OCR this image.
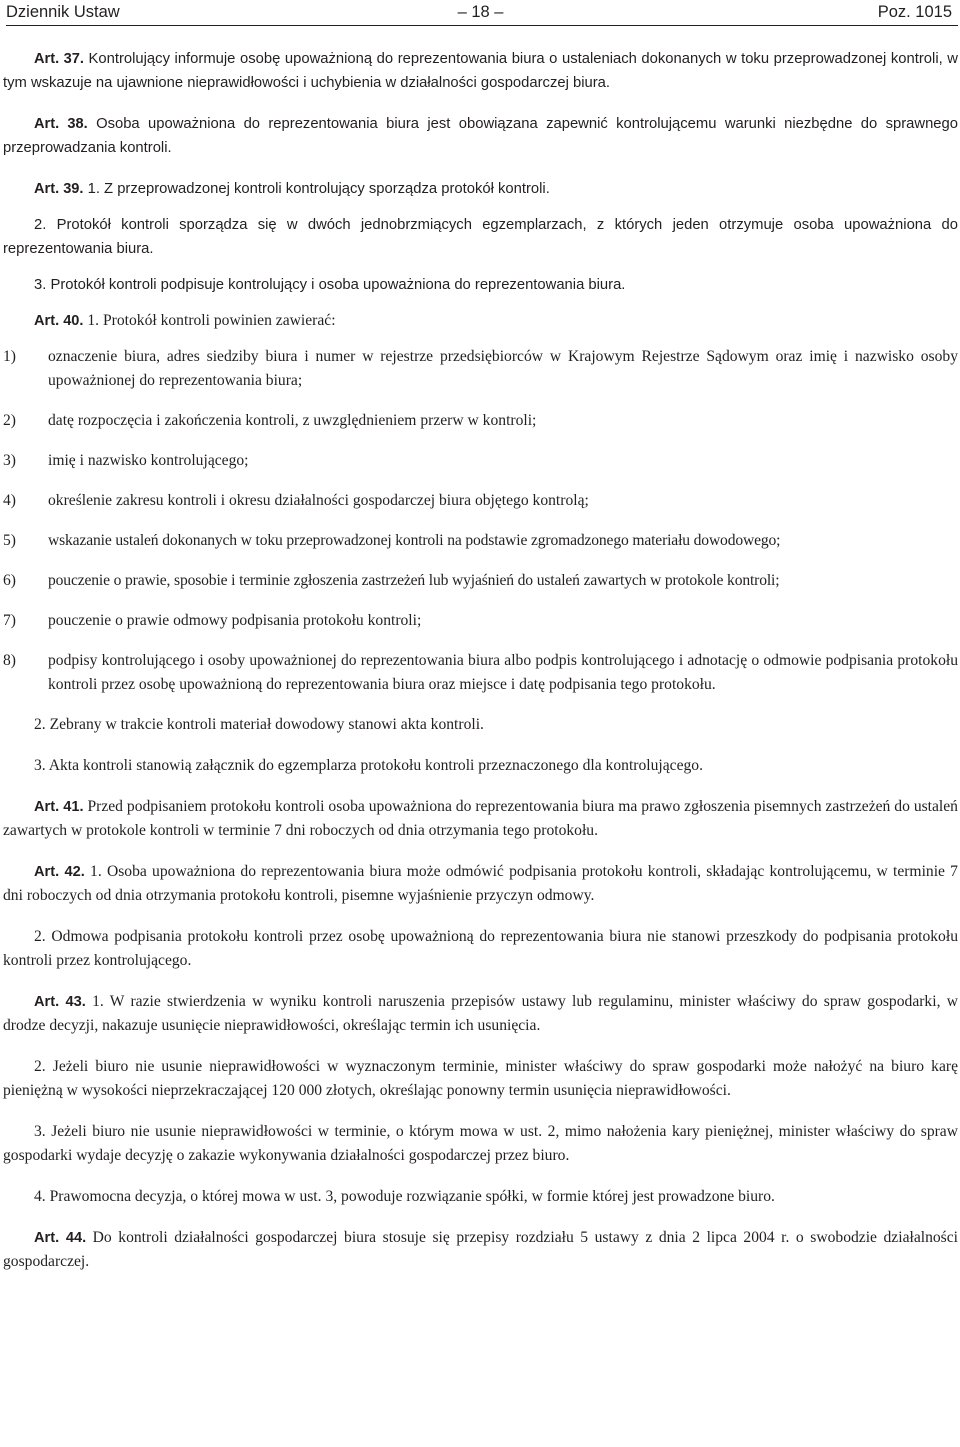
Dziennik Ustaw	– 18 –	Poz. 1015

Art. 37. Kontrolujący informuje osobę upoważnioną do reprezentowania biura o ustaleniach dokonanych w toku przeprowadzonej kontroli, w tym wskazuje na ujawnione nieprawidłowości i uchybienia w działalności gospodarczej biura.

Art. 38. Osoba upoważniona do reprezentowania biura jest obowiązana zapewnić kontrolującemu warunki niezbędne do sprawnego przeprowadzania kontroli.

Art. 39. 1. Z przeprowadzonej kontroli kontrolujący sporządza protokół kontroli.

2. Protokół kontroli sporządza się w dwóch jednobrzmiących egzemplarzach, z których jeden otrzymuje osoba upoważniona do reprezentowania biura.

3. Protokół kontroli podpisuje kontrolujący i osoba upoważniona do reprezentowania biura.

Art. 40. 1. Protokół kontroli powinien zawierać:

1)	oznaczenie biura, adres siedziby biura i numer w rejestrze przedsiębiorców w Krajowym Rejestrze Sądowym oraz imię i nazwisko osoby upoważnionej do reprezentowania biura;
2)	datę rozpoczęcia i zakończenia kontroli, z uwzględnieniem przerw w kontroli;
3)	imię i nazwisko kontrolującego;
4)	określenie zakresu kontroli i okresu działalności gospodarczej biura objętego kontrolą;
5)	wskazanie ustaleń dokonanych w toku przeprowadzonej kontroli na podstawie zgromadzonego materiału dowodowego;
6)	pouczenie o prawie, sposobie i terminie zgłoszenia zastrzeżeń lub wyjaśnień do ustaleń zawartych w protokole kontroli;
7)	pouczenie o prawie odmowy podpisania protokołu kontroli;
8)	podpisy kontrolującego i osoby upoważnionej do reprezentowania biura albo podpis kontrolującego i adnotację o odmowie podpisania protokołu kontroli przez osobę upoważnioną do reprezentowania biura oraz miejsce i datę podpisania tego protokołu.

2. Zebrany w trakcie kontroli materiał dowodowy stanowi akta kontroli.

3. Akta kontroli stanowią załącznik do egzemplarza protokołu kontroli przeznaczonego dla kontrolującego.

Art. 41. Przed podpisaniem protokołu kontroli osoba upoważniona do reprezentowania biura ma prawo zgłoszenia pisemnych zastrzeżeń do ustaleń zawartych w protokole kontroli w terminie 7 dni roboczych od dnia otrzymania tego protokołu.

Art. 42. 1. Osoba upoważniona do reprezentowania biura może odmówić podpisania protokołu kontroli, składając kontrolującemu, w terminie 7 dni roboczych od dnia otrzymania protokołu kontroli, pisemne wyjaśnienie przyczyn odmowy.

2. Odmowa podpisania protokołu kontroli przez osobę upoważnioną do reprezentowania biura nie stanowi przeszkody do podpisania protokołu kontroli przez kontrolującego.

Art. 43. 1. W razie stwierdzenia w wyniku kontroli naruszenia przepisów ustawy lub regulaminu, minister właściwy do spraw gospodarki, w drodze decyzji, nakazuje usunięcie nieprawidłowości, określając termin ich usunięcia.

2. Jeżeli biuro nie usunie nieprawidłowości w wyznaczonym terminie, minister właściwy do spraw gospodarki może nałożyć na biuro karę pieniężną w wysokości nieprzekraczającej 120 000 złotych, określając ponowny termin usunięcia nieprawidłowości.

3. Jeżeli biuro nie usunie nieprawidłowości w terminie, o którym mowa w ust. 2, mimo nałożenia kary pieniężnej, minister właściwy do spraw gospodarki wydaje decyzję o zakazie wykonywania działalności gospodarczej przez biuro.

4. Prawomocna decyzja, o której mowa w ust. 3, powoduje rozwiązanie spółki, w formie której jest prowadzone biuro.

Art. 44. Do kontroli działalności gospodarczej biura stosuje się przepisy rozdziału 5 ustawy z dnia 2 lipca 2004 r. o swobodzie działalności gospodarczej.
